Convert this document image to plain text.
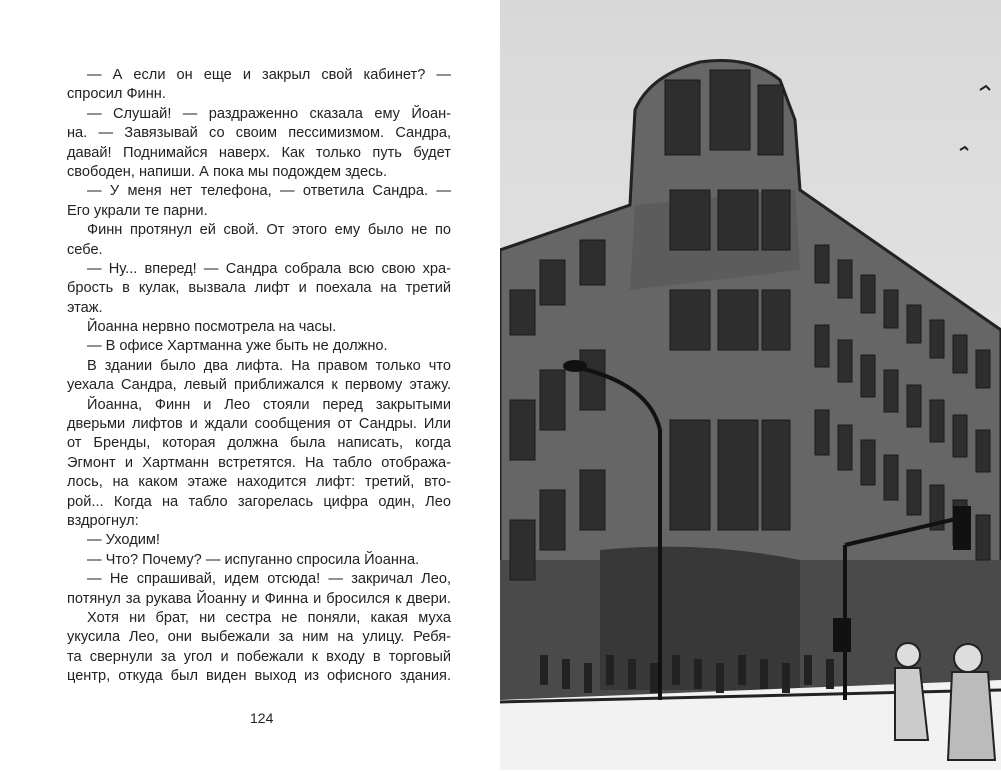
— А если он еще и закрыл свой кабинет? —
спросил Финн.
— Слушай! — раздраженно сказала ему Йоан-
на. — Завязывай со своим пессимизмом. Сандра,
давай! Поднимайся наверх. Как только путь будет
свободен, напиши. А пока мы подождем здесь.
— У меня нет телефона, — ответила Сандра. —
Его украли те парни.
Финн протянул ей свой. От этого ему было не по
себе.
— Ну... вперед! — Сандра собрала всю свою хра-
брость в кулак, вызвала лифт и поехала на третий
этаж.
Йоанна нервно посмотрела на часы.
— В офисе Хартманна уже быть не должно.
В здании было два лифта. На правом только что
уехала Сандра, левый приближался к первому этажу.
Йоанна, Финн и Лео стояли перед закрытыми
дверьми лифтов и ждали сообщения от Сандры. Или
от Бренды, которая должна была написать, когда
Эгмонт и Хартманн встретятся. На табло отобража-
лось, на каком этаже находится лифт: третий, вто-
рой... Когда на табло загорелась цифра один, Лео
вздрогнул:
— Уходим!
— Что? Почему? — испуганно спросила Йоанна.
— Не спрашивай, идем отсюда! — закричал Лео,
потянул за рукава Йоанну и Финна и бросился к двери.
Хотя ни брат, ни сестра не поняли, какая муха
укусила Лео, они выбежали за ним на улицу. Ребя-
та свернули за угол и побежали к входу в торговый
центр, откуда был виден выход из офисного здания.
124
